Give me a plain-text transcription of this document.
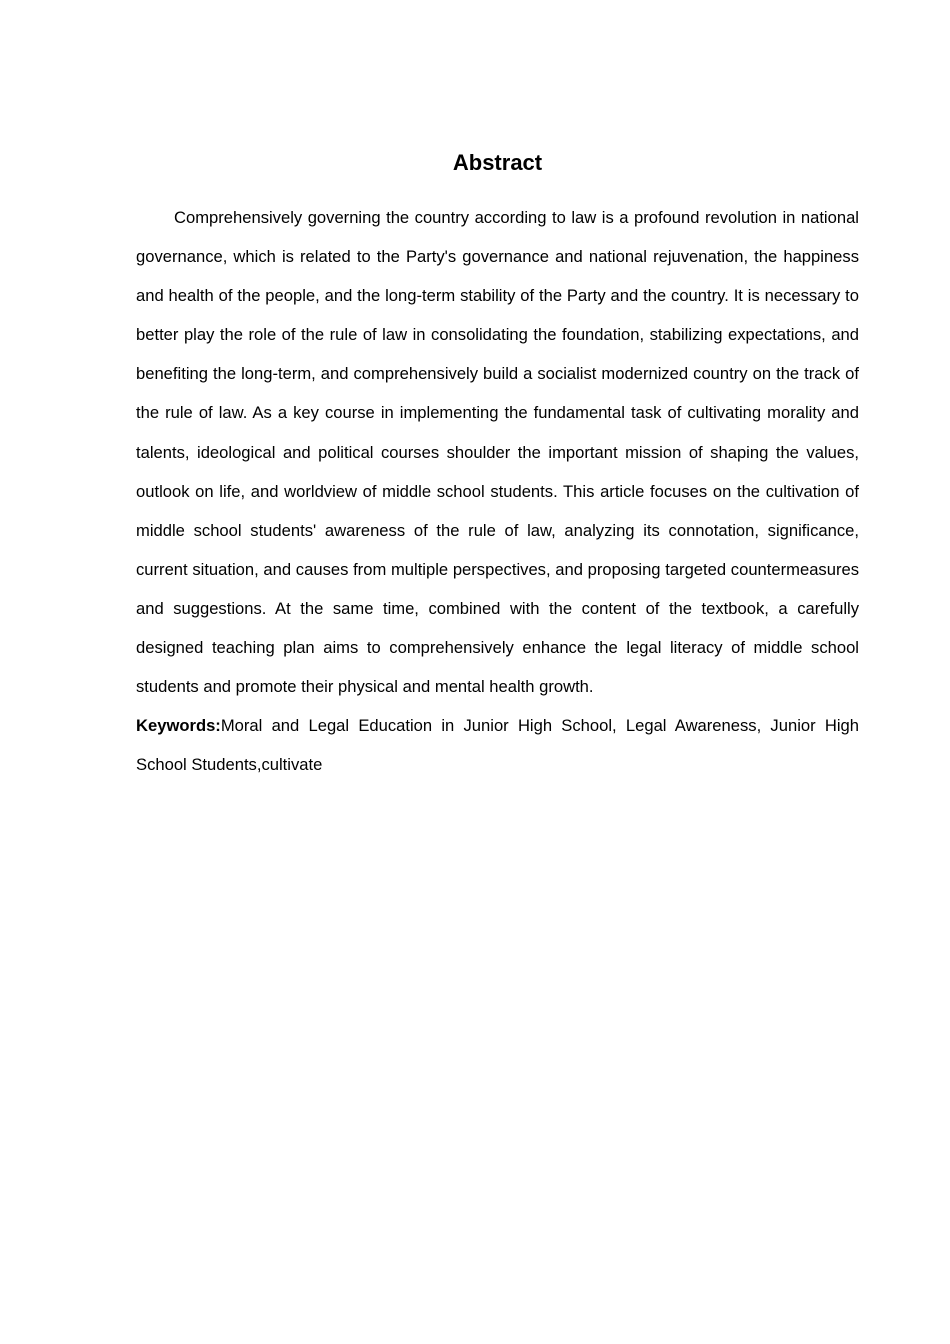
Abstract

Comprehensively governing the country according to law is a profound revolution in national governance, which is related to the Party's governance and national rejuvenation, the happiness and health of the people, and the long-term stability of the Party and the country. It is necessary to better play the role of the rule of law in consolidating the foundation, stabilizing expectations, and benefiting the long-term, and comprehensively build a socialist modernized country on the track of the rule of law. As a key course in implementing the fundamental task of cultivating morality and talents, ideological and political courses shoulder the important mission of shaping the values, outlook on life, and worldview of middle school students. This article focuses on the cultivation of middle school students' awareness of the rule of law, analyzing its connotation, significance, current situation, and causes from multiple perspectives, and proposing targeted countermeasures and suggestions. At the same time, combined with the content of the textbook, a carefully designed teaching plan aims to comprehensively enhance the legal literacy of middle school students and promote their physical and mental health growth.

Keywords:Moral and Legal Education in Junior High School, Legal Awareness, Junior High School Students,cultivate
